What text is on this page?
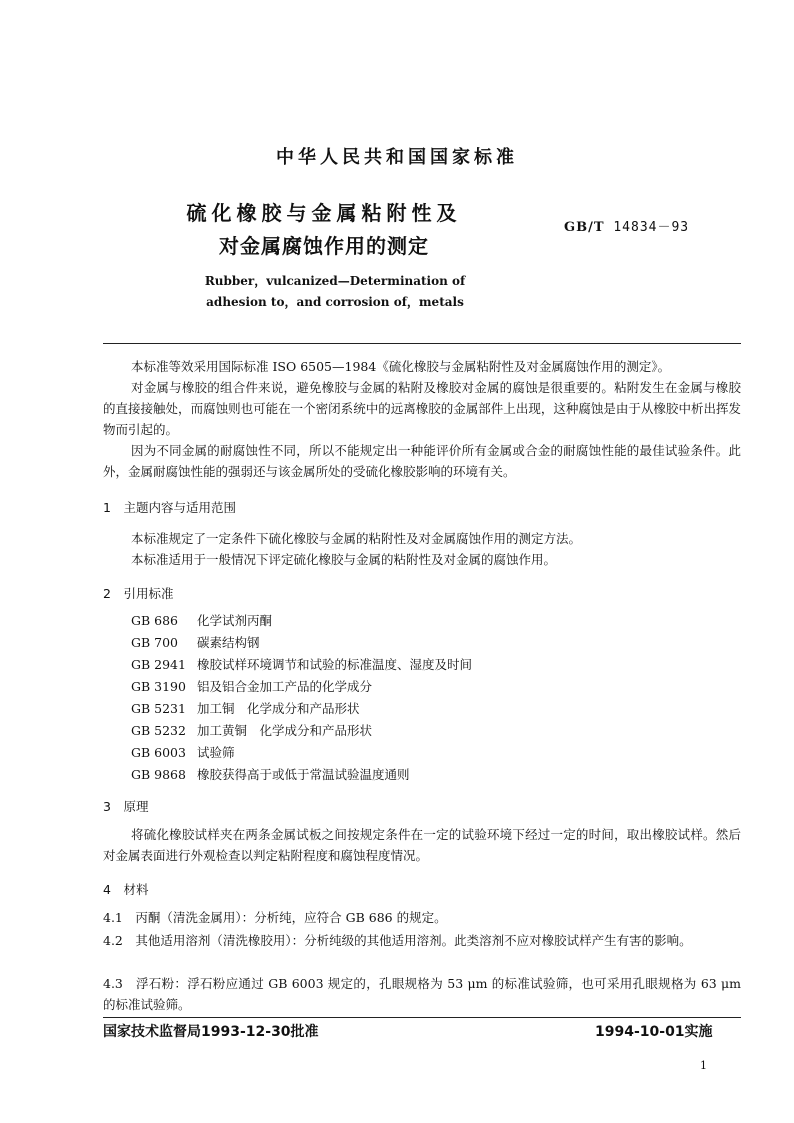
中华人民共和国国家标准
硫化橡胶与金属粘附性及
对金属腐蚀作用的测定
GB/T 14834－93
Rubber，vulcanized—Determination of
adhesion to，and corrosion of，metals
本标准等效采用国际标准 ISO 6505—1984《硫化橡胶与金属粘附性及对金属腐蚀作用的测定》。
对金属与橡胶的组合件来说，避免橡胶与金属的粘附及橡胶对金属的腐蚀是很重要的。粘附发生在金属与橡胶的直接接触处，而腐蚀则也可能在一个密闭系统中的远离橡胶的金属部件上出现，这种腐蚀是由于从橡胶中析出挥发物而引起的。
因为不同金属的耐腐蚀性不同，所以不能规定出一种能评价所有金属或合金的耐腐蚀性能的最佳试验条件。此外，金属耐腐蚀性能的强弱还与该金属所处的受硫化橡胶影响的环境有关。
1　主题内容与适用范围
本标准规定了一定条件下硫化橡胶与金属的粘附性及对金属腐蚀作用的测定方法。
本标准适用于一般情况下评定硫化橡胶与金属的粘附性及对金属的腐蚀作用。
2　引用标准
GB 686 化学试剂丙酮
GB 700 碳素结构钢
GB 2941 橡胶试样环境调节和试验的标准温度、湿度及时间
GB 3190 铝及铝合金加工产品的化学成分
GB 5231 加工铜　化学成分和产品形状
GB 5232 加工黄铜　化学成分和产品形状
GB 6003 试验筛
GB 9868 橡胶获得高于或低于常温试验温度通则
3　原理
将硫化橡胶试样夹在两条金属试板之间按规定条件在一定的试验环境下经过一定的时间，取出橡胶试样。然后对金属表面进行外观检查以判定粘附程度和腐蚀程度情况。
4　材料
4.1　丙酮（清洗金属用）：分析纯，应符合 GB 686 的规定。
4.2　其他适用溶剂（清洗橡胶用）：分析纯级的其他适用溶剂。此类溶剂不应对橡胶试样产生有害的影响。
4.3　浮石粉：浮石粉应通过 GB 6003 规定的，孔眼规格为 53 μm 的标准试验筛，也可采用孔眼规格为 63 μm 的标准试验筛。
国家技术监督局1993-12-30批准	1994-10-01实施
1
